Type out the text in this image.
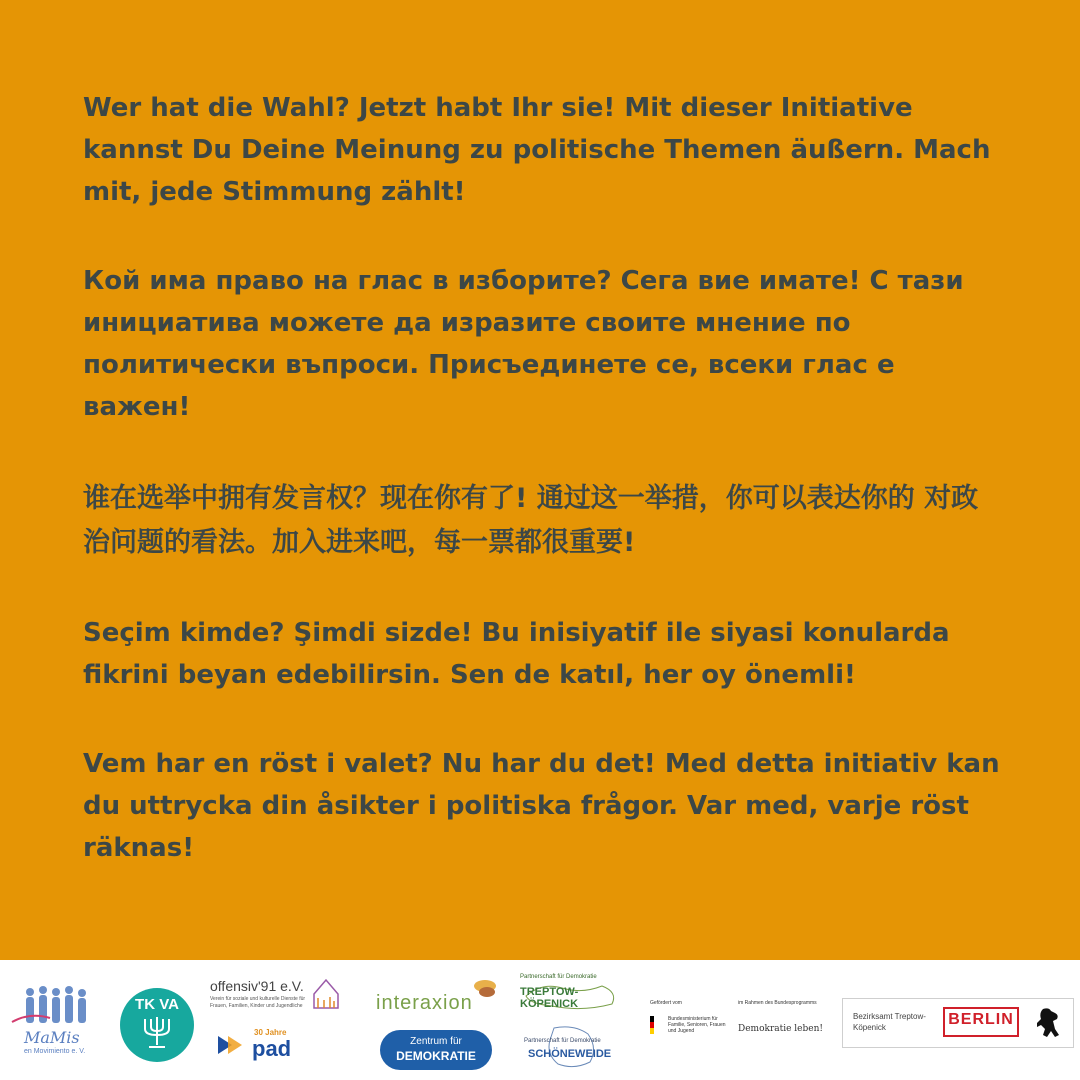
Wer hat die Wahl? Jetzt habt Ihr sie! Mit dieser Initiative kannst Du Deine Meinung zu politische Themen äußern. Mach mit, jede Stimmung zählt!

Кой има право на глас в изборите? Сега вие имате! С тази инициатива можете да изразите своите мнение по политически въпроси. Присъединете се, всеки глас е важен!

谁在选举中拥有发言权？现在你有了! 通过这一举措，你可以表达你的 对政治问题的看法。加入进来吧，每一票都很重要!

Seçim kimde? Şimdi sizde! Bu inisiyatif ile siyasi konularda fikrini beyan edebilirsin. Sen de katıl, her oy önemli!

Vem har en röst i valet? Nu har du det! Med detta initiativ kan du uttrycka din åsikter i politiska frågor. Var med, varje röst räknas!

MaMis
en Movimiento e. V.
TK VA
offensiv'91 e.V.
Verein für soziale und kulturelle Dienste für Frauen, Familien, Kinder und Jugendliche
30 Jahre
pad
interaxion
Zentrum für
DEMOKRATIE
Partnerschaft für Demokratie
TREPTOW-KÖPENICK
Partnerschaft für Demokratie
SCHÖNEWEIDE
Gefördert vom
Bundesministerium für Familie, Senioren, Frauen und Jugend
im Rahmen des Bundesprogramms
Demokratie leben!
Bezirksamt Treptow-Köpenick	BERLIN
